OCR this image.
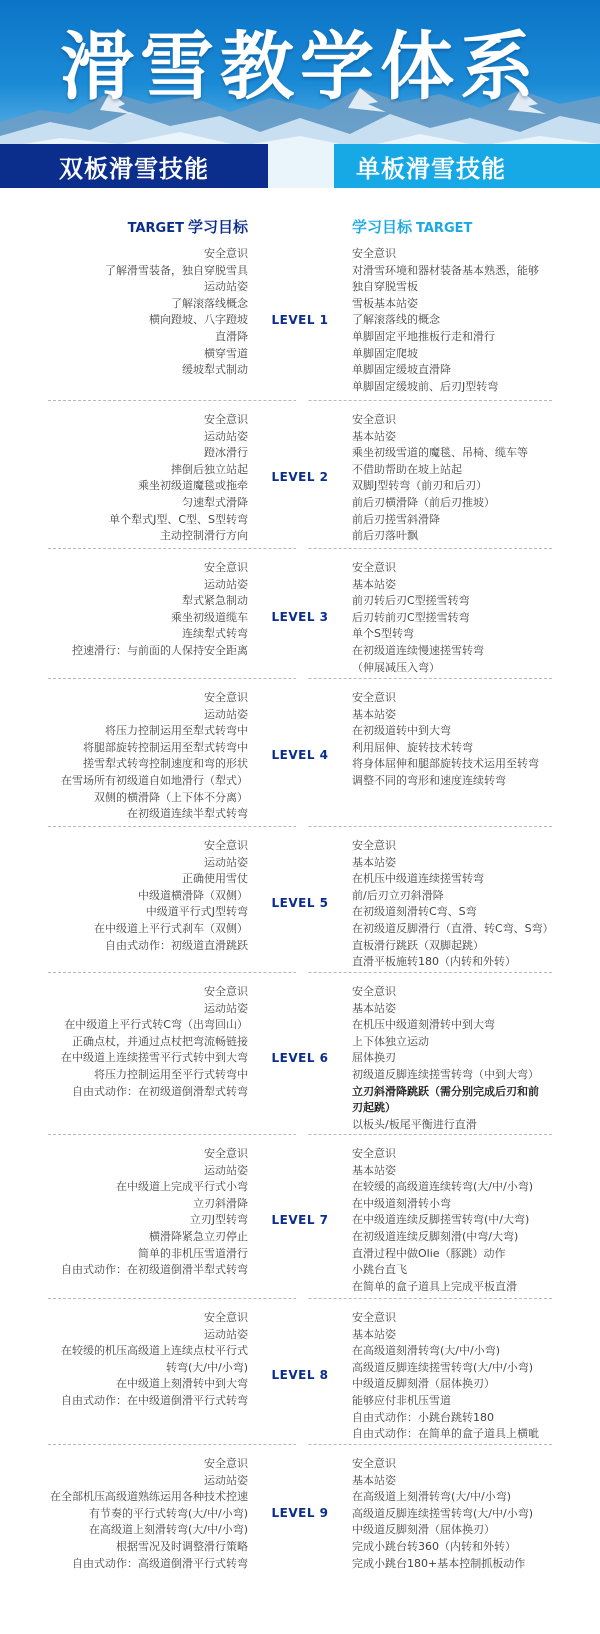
滑雪教学体系
双板滑雪技能	单板滑雪技能
TARGET 学习目标	学习目标 TARGET
安全意识
了解滑雪装备，独自穿脱雪具
运动站姿
了解滚落线概念
横向蹬坡、八字蹬坡
直滑降
横穿雪道
缓坡犁式制动
LEVEL 1
安全意识
对滑雪环境和器材装备基本熟悉，能够
独自穿脱雪板
雪板基本站姿
了解滚落线的概念
单脚固定平地推板行走和滑行
单脚固定爬坡
单脚固定缓坡直滑降
单脚固定缓坡前、后刃J型转弯
安全意识
运动站姿
蹬冰滑行
摔倒后独立站起
乘坐初级道魔毯或拖牵
匀速犁式滑降
单个犁式J型、C型、S型转弯
主动控制滑行方向
LEVEL 2
安全意识
基本站姿
乘坐初级雪道的魔毯、吊椅、缆车等
不借助帮助在坡上站起
双脚J型转弯（前刃和后刃）
前后刃横滑降（前后刃推坡）
前后刃搓雪斜滑降
前后刃落叶飘
安全意识
运动站姿
犁式紧急制动
乘坐初级道缆车
连续犁式转弯
控速滑行：与前面的人保持安全距离
LEVEL 3
安全意识
基本站姿
前刃转后刃C型搓雪转弯
后刃转前刃C型搓雪转弯
单个S型转弯
在初级道连续慢速搓雪转弯
（伸展减压入弯）
安全意识
运动站姿
将压力控制运用至犁式转弯中
将腿部旋转控制运用至犁式转弯中
搓雪犁式转弯控制速度和弯的形状
在雪场所有初级道自如地滑行（犁式）
双侧的横滑降（上下体不分离）
在初级道连续半犁式转弯
LEVEL 4
安全意识
基本站姿
在初级道转中到大弯
利用屈伸、旋转技术转弯
将身体屈伸和腿部旋转技术运用至转弯
调整不同的弯形和速度连续转弯
安全意识
运动站姿
正确使用雪仗
中级道横滑降（双侧）
中级道平行式J型转弯
在中级道上平行式刹车（双侧）
自由式动作：初级道直滑跳跃
LEVEL 5
安全意识
基本站姿
在机压中级道连续搓雪转弯
前/后刃立刃斜滑降
在初级道刻滑转C弯、S弯
在初级道反脚滑行（直滑、转C弯、S弯）
直板滑行跳跃（双脚起跳）
直滑平板施转180（内转和外转）
安全意识
运动站姿
在中级道上平行式转C弯（出弯回山）
正确点杖，并通过点杖把弯流畅链接
在中级道上连续搓雪平行式转中到大弯
将压力控制运用至平行式转弯中
自由式动作：在初级道倒滑犁式转弯
LEVEL 6
安全意识
基本站姿
在机压中级道刻滑转中到大弯
上下体独立运动
屈体换刃
初级道反脚连续搓雪转弯（中到大弯）
立刃斜滑降跳跃（需分别完成后刃和前
刃起跳）
以板头/板尾平衡进行直滑
安全意识
运动站姿
在中级道上完成平行式小弯
立刃斜滑降
立刃J型转弯
横滑降紧急立刃停止
简单的非机压雪道滑行
自由式动作：在初级道倒滑半犁式转弯
LEVEL 7
安全意识
基本站姿
在较缓的高级道连续转弯(大/中/小弯)
在中级道刻滑转小弯
在中级道连续反脚搓雪转弯(中/大弯)
在初级道连续反脚刻滑(中弯/大弯)
直滑过程中做Olie（豚跳）动作
小跳台直飞
在简单的盒子道具上完成平板直滑
安全意识
运动站姿
在较缓的机压高级道上连续点杖平行式
转弯(大/中/小弯)
在中级道上刻滑转中到大弯
自由式动作：在中级道倒滑平行式转弯
LEVEL 8
安全意识
基本站姿
在高级道刻滑转弯(大/中/小弯)
高级道反脚连续搓雪转弯(大/中/小弯)
中级道反脚刻滑（屈体换刃）
能够应付非机压雪道
自由式动作：小跳台跳转180
自由式动作：在简单的盒子道具上横呲
安全意识
运动站姿
在全部机压高级道熟练运用各种技术控速
有节奏的平行式转弯(大/中/小弯)
在高级道上刻滑转弯(大/中/小弯)
根据雪况及时调整滑行策略
自由式动作：高级道倒滑平行式转弯
LEVEL 9
安全意识
基本站姿
在高级道上刻滑转弯(大/中/小弯)
高级道反脚连续搓雪转弯(大/中/小弯)
中级道反脚刻滑（屈体换刃）
完成小跳台转360（内转和外转）
完成小跳台180+基本控制抓板动作
